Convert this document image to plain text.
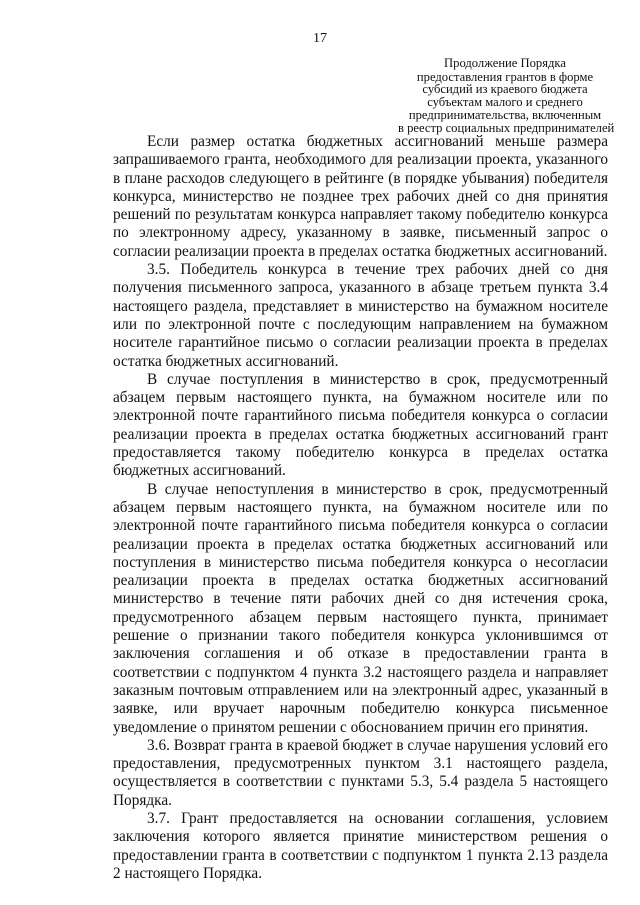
17
Продолжение Порядка
предоставления грантов в форме
субсидий из краевого бюджета
субъектам малого и среднего
предпринимательства, включенным
в реестр социальных предпринимателей

Если размер остатка бюджетных ассигнований меньше размера запрашиваемого гранта, необходимого для реализации проекта, указанного в плане расходов следующего в рейтинге (в порядке убывания) победителя конкурса, министерство не позднее трех рабочих дней со дня принятия решений по результатам конкурса направляет такому победителю конкурса по электронному адресу, указанному в заявке, письменный запрос о согласии реализации проекта в пределах остатка бюджетных ассигнований.

3.5. Победитель конкурса в течение трех рабочих дней со дня получения письменного запроса, указанного в абзаце третьем пункта 3.4 настоящего раздела, представляет в министерство на бумажном носителе или по электронной почте с последующим направлением на бумажном носителе гарантийное письмо о согласии реализации проекта в пределах остатка бюджетных ассигнований.

В случае поступления в министерство в срок, предусмотренный абзацем первым настоящего пункта, на бумажном носителе или по электронной почте гарантийного письма победителя конкурса о согласии реализации проекта в пределах остатка бюджетных ассигнований грант предоставляется такому победителю конкурса в пределах остатка бюджетных ассигнований.

В случае непоступления в министерство в срок, предусмотренный абзацем первым настоящего пункта, на бумажном носителе или по электронной почте гарантийного письма победителя конкурса о согласии реализации проекта в пределах остатка бюджетных ассигнований или поступления в министерство письма победителя конкурса о несогласии реализации проекта в пределах остатка бюджетных ассигнований министерство в течение пяти рабочих дней со дня истечения срока, предусмотренного абзацем первым настоящего пункта, принимает решение о признании такого победителя конкурса уклонившимся от заключения соглашения и об отказе в предоставлении гранта в соответствии с подпунктом 4 пункта 3.2 настоящего раздела и направляет заказным почтовым отправлением или на электронный адрес, указанный в заявке, или вручает нарочным победителю конкурса письменное уведомление о принятом решении с обоснованием причин его принятия.

3.6. Возврат гранта в краевой бюджет в случае нарушения условий его предоставления, предусмотренных пунктом 3.1 настоящего раздела, осуществляется в соответствии с пунктами 5.3, 5.4 раздела 5 настоящего Порядка.

3.7. Грант предоставляется на основании соглашения, условием заключения которого является принятие министерством решения о предоставлении гранта в соответствии с подпунктом 1 пункта 2.13 раздела 2 настоящего Порядка.
